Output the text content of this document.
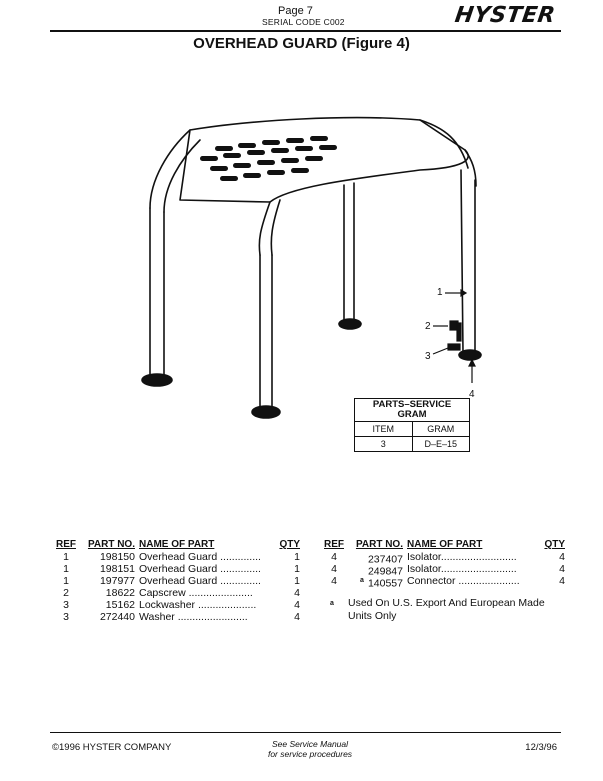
Page 7
SERIAL CODE C002	HYSTER
OVERHEAD GUARD (Figure 4)
1
2
3
4
PARTS–SERVICE
GRAM
ITEM	GRAM
3	D–E–15
REF	PART NO. NAME OF PART	QTY
1	198150 Overhead Guard ..............	1
1	198151 Overhead Guard ..............	1
1	197977 Overhead Guard ..............	1
2	18622 Capscrew ......................	4
3	15162 Lockwasher ....................	4
3	272440 Washer ........................	4
REF	PART NO. NAME OF PART	QTY
4	237407 Isolator..........................	4
4	249847 Isolator..........................	4
4	$^a$ 140557 Connector .....................	4
a Used On U.S. Export And European Made
Units Only
©1996 HYSTER COMPANY	See Service Manual
for service procedures
12/3/96
